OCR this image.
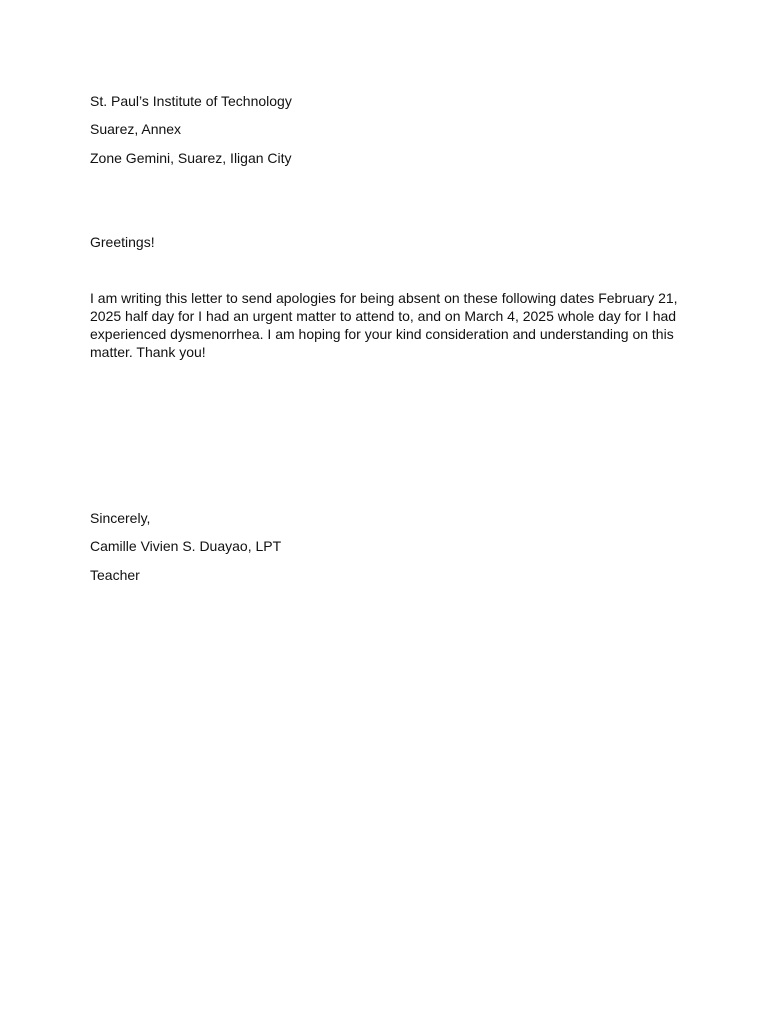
St. Paul’s Institute of Technology

Suarez, Annex

Zone Gemini, Suarez, Iligan City

Greetings!

I am writing this letter to send apologies for being absent on these following dates February 21, 2025 half day for I had an urgent matter to attend to, and on March 4, 2025 whole day for I had experienced dysmenorrhea. I am hoping for your kind consideration and understanding on this matter. Thank you!

Sincerely,

Camille Vivien S. Duayao, LPT

Teacher
